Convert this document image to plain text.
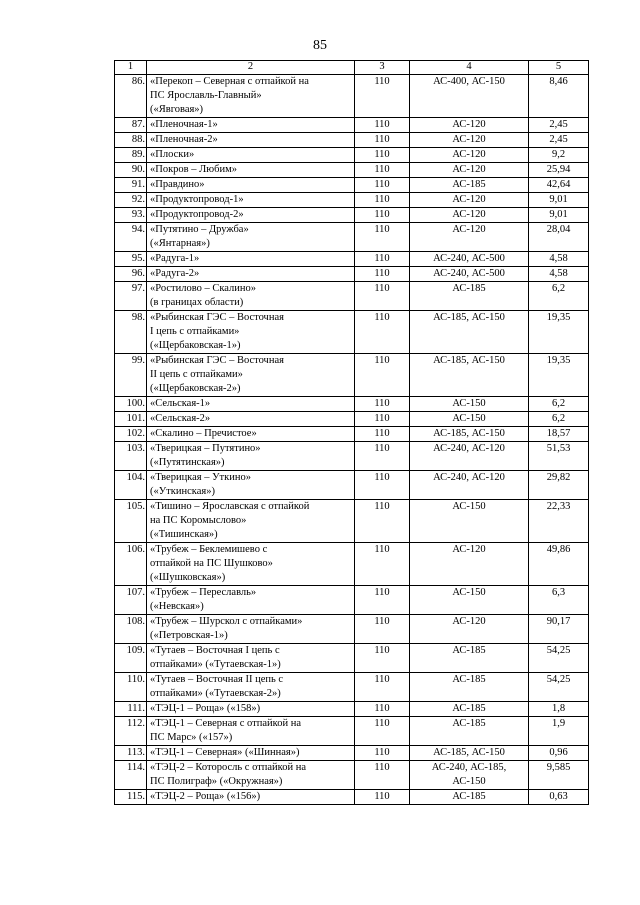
85
1	2	3	4	5
86.	«Перекоп – Северная с отпайкой на
ПС Ярославль-Главный»
(«Явговая»)	110	АС-400, АС-150	8,46
87.	«Пленочная-1»	110	АС-120	2,45
88.	«Пленочная-2»	110	АС-120	2,45
89.	«Плоски»	110	АС-120	9,2
90.	«Покров – Любим»	110	АС-120	25,94
91.	«Правдино»	110	АС-185	42,64
92.	«Продуктопровод-1»	110	АС-120	9,01
93.	«Продуктопровод-2»	110	АС-120	9,01
94.	«Путятино – Дружба»
(«Янтарная»)	110	АС-120	28,04
95.	«Радуга-1»	110	АС-240, АС-500	4,58
96.	«Радуга-2»	110	АС-240, АС-500	4,58
97.	«Ростилово – Скалино»
(в границах области)	110	АС-185	6,2
98.	«Рыбинская ГЭС – Восточная
I цепь с отпайками»
(«Щербаковская-1»)	110	АС-185, АС-150	19,35
99.	«Рыбинская ГЭС – Восточная
II цепь с отпайками»
(«Щербаковская-2»)	110	АС-185, АС-150	19,35
100.	«Сельская-1»	110	АС-150	6,2
101.	«Сельская-2»	110	АС-150	6,2
102.	«Скалино – Пречистое»	110	АС-185, АС-150	18,57
103.	«Тверицкая – Путятино»
(«Путятинская»)	110	АС-240, АС-120	51,53
104.	«Тверицкая – Уткино»
(«Уткинская»)	110	АС-240, АС-120	29,82
105.	«Тишино – Ярославская с отпайкой
на ПС Коромыслово»
(«Тишинская»)	110	АС-150	22,33
106.	«Трубеж – Беклемишево с
отпайкой на ПС Шушково»
(«Шушковская»)	110	АС-120	49,86
107.	«Трубеж – Переславль»
(«Невская»)	110	АС-150	6,3
108.	«Трубеж – Шурскол с отпайками»
(«Петровская-1»)	110	АС-120	90,17
109.	«Тутаев – Восточная I цепь с
отпайками» («Тутаевская-1»)	110	АС-185	54,25
110.	«Тутаев – Восточная II цепь с
отпайками» («Тутаевская-2»)	110	АС-185	54,25
111.	«ТЭЦ-1 – Роща» («158»)	110	АС-185	1,8
112.	«ТЭЦ-1 – Северная с отпайкой на
ПС Марс» («157»)	110	АС-185	1,9
113.	«ТЭЦ-1 – Северная» («Шинная»)	110	АС-185, АС-150	0,96
114.	«ТЭЦ-2 – Которосль с отпайкой на
ПС Полиграф» («Окружная»)	110	АС-240, АС-185,
АС-150	9,585
115.	«ТЭЦ-2 – Роща» («156»)	110	АС-185	0,63
